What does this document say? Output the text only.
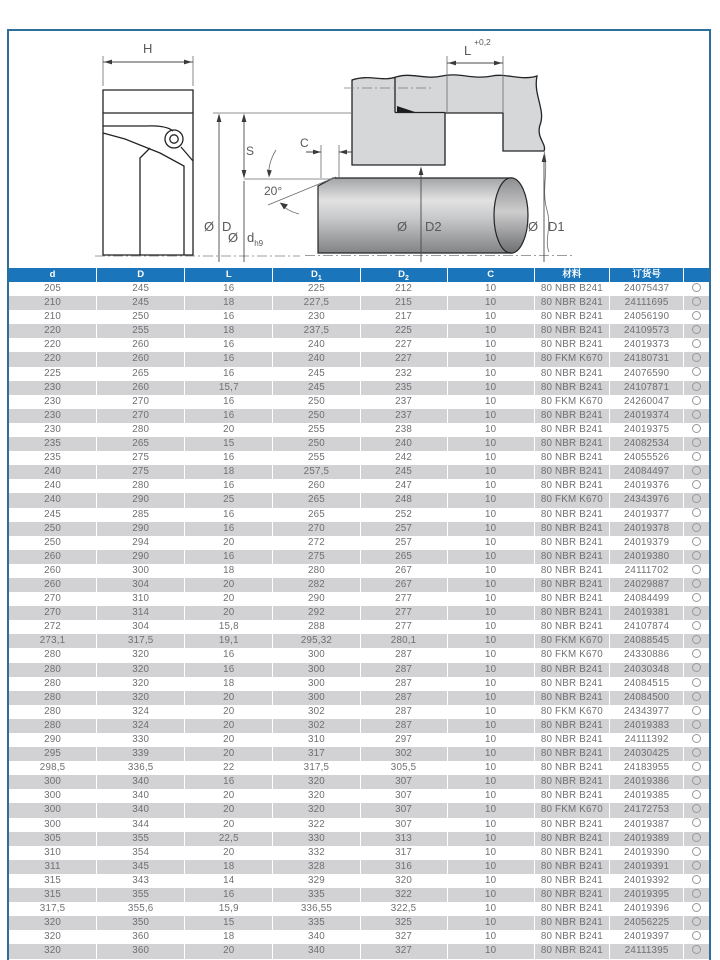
H
S
Ø D
Ø $d_{h9}$
20°
C
L
+0,2
Ø D2	Ø D1
d	D	L	$D_1$	$D_2$	C	材料	订货号
205	245	16	225	212	10	80 NBR B241	24075437
210	245	18	227,5	215	10	80 NBR B241	24111695
210	250	16	230	217	10	80 NBR B241	24056190
220	255	18	237,5	225	10	80 NBR B241	24109573
220	260	16	240	227	10	80 NBR B241	24019373
220	260	16	240	227	10	80 FKM K670	24180731
225	265	16	245	232	10	80 NBR B241	24076590
230	260	15,7	245	235	10	80 NBR B241	24107871
230	270	16	250	237	10	80 FKM K670	24260047
230	270	16	250	237	10	80 NBR B241	24019374
230	280	20	255	238	10	80 NBR B241	24019375
235	265	15	250	240	10	80 NBR B241	24082534
235	275	16	255	242	10	80 NBR B241	24055526
240	275	18	257,5	245	10	80 NBR B241	24084497
240	280	16	260	247	10	80 NBR B241	24019376
240	290	25	265	248	10	80 FKM K670	24343976
245	285	16	265	252	10	80 NBR B241	24019377
250	290	16	270	257	10	80 NBR B241	24019378
250	294	20	272	257	10	80 NBR B241	24019379
260	290	16	275	265	10	80 NBR B241	24019380
260	300	18	280	267	10	80 NBR B241	24111702
260	304	20	282	267	10	80 NBR B241	24029887
270	310	20	290	277	10	80 NBR B241	24084499
270	314	20	292	277	10	80 NBR B241	24019381
272	304	15,8	288	277	10	80 NBR B241	24107874
273,1	317,5	19,1	295,32	280,1	10	80 FKM K670	24088545
280	320	16	300	287	10	80 FKM K670	24330886
280	320	16	300	287	10	80 NBR B241	24030348
280	320	18	300	287	10	80 NBR B241	24084515
280	320	20	300	287	10	80 NBR B241	24084500
280	324	20	302	287	10	80 FKM K670	24343977
280	324	20	302	287	10	80 NBR B241	24019383
290	330	20	310	297	10	80 NBR B241	24111392
295	339	20	317	302	10	80 NBR B241	24030425
298,5	336,5	22	317,5	305,5	10	80 NBR B241	24183955
300	340	16	320	307	10	80 NBR B241	24019386
300	340	20	320	307	10	80 NBR B241	24019385
300	340	20	320	307	10	80 FKM K670	24172753
300	344	20	322	307	10	80 NBR B241	24019387
305	355	22,5	330	313	10	80 NBR B241	24019389
310	354	20	332	317	10	80 NBR B241	24019390
311	345	18	328	316	10	80 NBR B241	24019391
315	343	14	329	320	10	80 NBR B241	24019392
315	355	16	335	322	10	80 NBR B241	24019395
317,5	355,6	15,9	336,55	322,5	10	80 NBR B241	24019396
320	350	15	335	325	10	80 NBR B241	24056225
320	360	18	340	327	10	80 NBR B241	24019397
320	360	20	340	327	10	80 NBR B241	24111395
